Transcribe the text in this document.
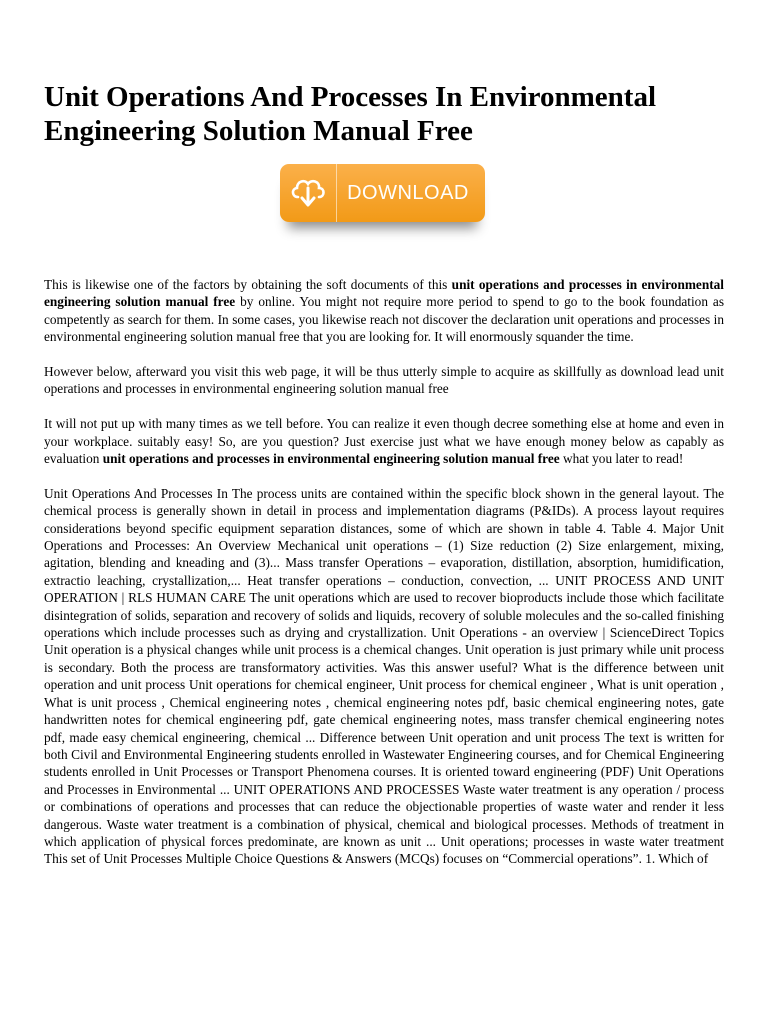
Unit Operations And Processes In Environmental Engineering Solution Manual Free
DOWNLOAD

This is likewise one of the factors by obtaining the soft documents of this unit operations and processes in environmental engineering solution manual free by online. You might not require more period to spend to go to the book foundation as competently as search for them. In some cases, you likewise reach not discover the declaration unit operations and processes in environmental engineering solution manual free that you are looking for. It will enormously squander the time.

However below, afterward you visit this web page, it will be thus utterly simple to acquire as skillfully as download lead unit operations and processes in environmental engineering solution manual free

It will not put up with many times as we tell before. You can realize it even though decree something else at home and even in your workplace. suitably easy! So, are you question? Just exercise just what we have enough money below as capably as evaluation unit operations and processes in environmental engineering solution manual free what you later to read!

Unit Operations And Processes In The process units are contained within the specific block shown in the general layout. The chemical process is generally shown in detail in process and implementation diagrams (P&IDs). A process layout requires considerations beyond specific equipment separation distances, some of which are shown in table 4. Table 4. Major Unit Operations and Processes: An Overview Mechanical unit operations – (1) Size reduction (2) Size enlargement, mixing, agitation, blending and kneading and (3)... Mass transfer Operations – evaporation, distillation, absorption, humidification, extractio leaching, crystallization,... Heat transfer operations – conduction, convection, ... UNIT PROCESS AND UNIT OPERATION | RLS HUMAN CARE The unit operations which are used to recover bioproducts include those which facilitate disintegration of solids, separation and recovery of solids and liquids, recovery of soluble molecules and the so-called finishing operations which include processes such as drying and crystallization. Unit Operations - an overview | ScienceDirect Topics Unit operation is a physical changes while unit process is a chemical changes. Unit operation is just primary while unit process is secondary. Both the process are transformatory activities. Was this answer useful? What is the difference between unit operation and unit process Unit operations for chemical engineer, Unit process for chemical engineer , What is unit operation , What is unit process , Chemical engineering notes , chemical engineering notes pdf, basic chemical engineering notes, gate handwritten notes for chemical engineering pdf, gate chemical engineering notes, mass transfer chemical engineering notes pdf, made easy chemical engineering, chemical ... Difference between Unit operation and unit process The text is written for both Civil and Environmental Engineering students enrolled in Wastewater Engineering courses, and for Chemical Engineering students enrolled in Unit Processes or Transport Phenomena courses. It is oriented toward engineering (PDF) Unit Operations and Processes in Environmental ... UNIT OPERATIONS AND PROCESSES Waste water treatment is any operation / process or combinations of operations and processes that can reduce the objectionable properties of waste water and render it less dangerous. Waste water treatment is a combination of physical, chemical and biological processes. Methods of treatment in which application of physical forces predominate, are known as unit ... Unit operations; processes in waste water treatment This set of Unit Processes Multiple Choice Questions & Answers (MCQs) focuses on “Commercial operations”. 1. Which of
